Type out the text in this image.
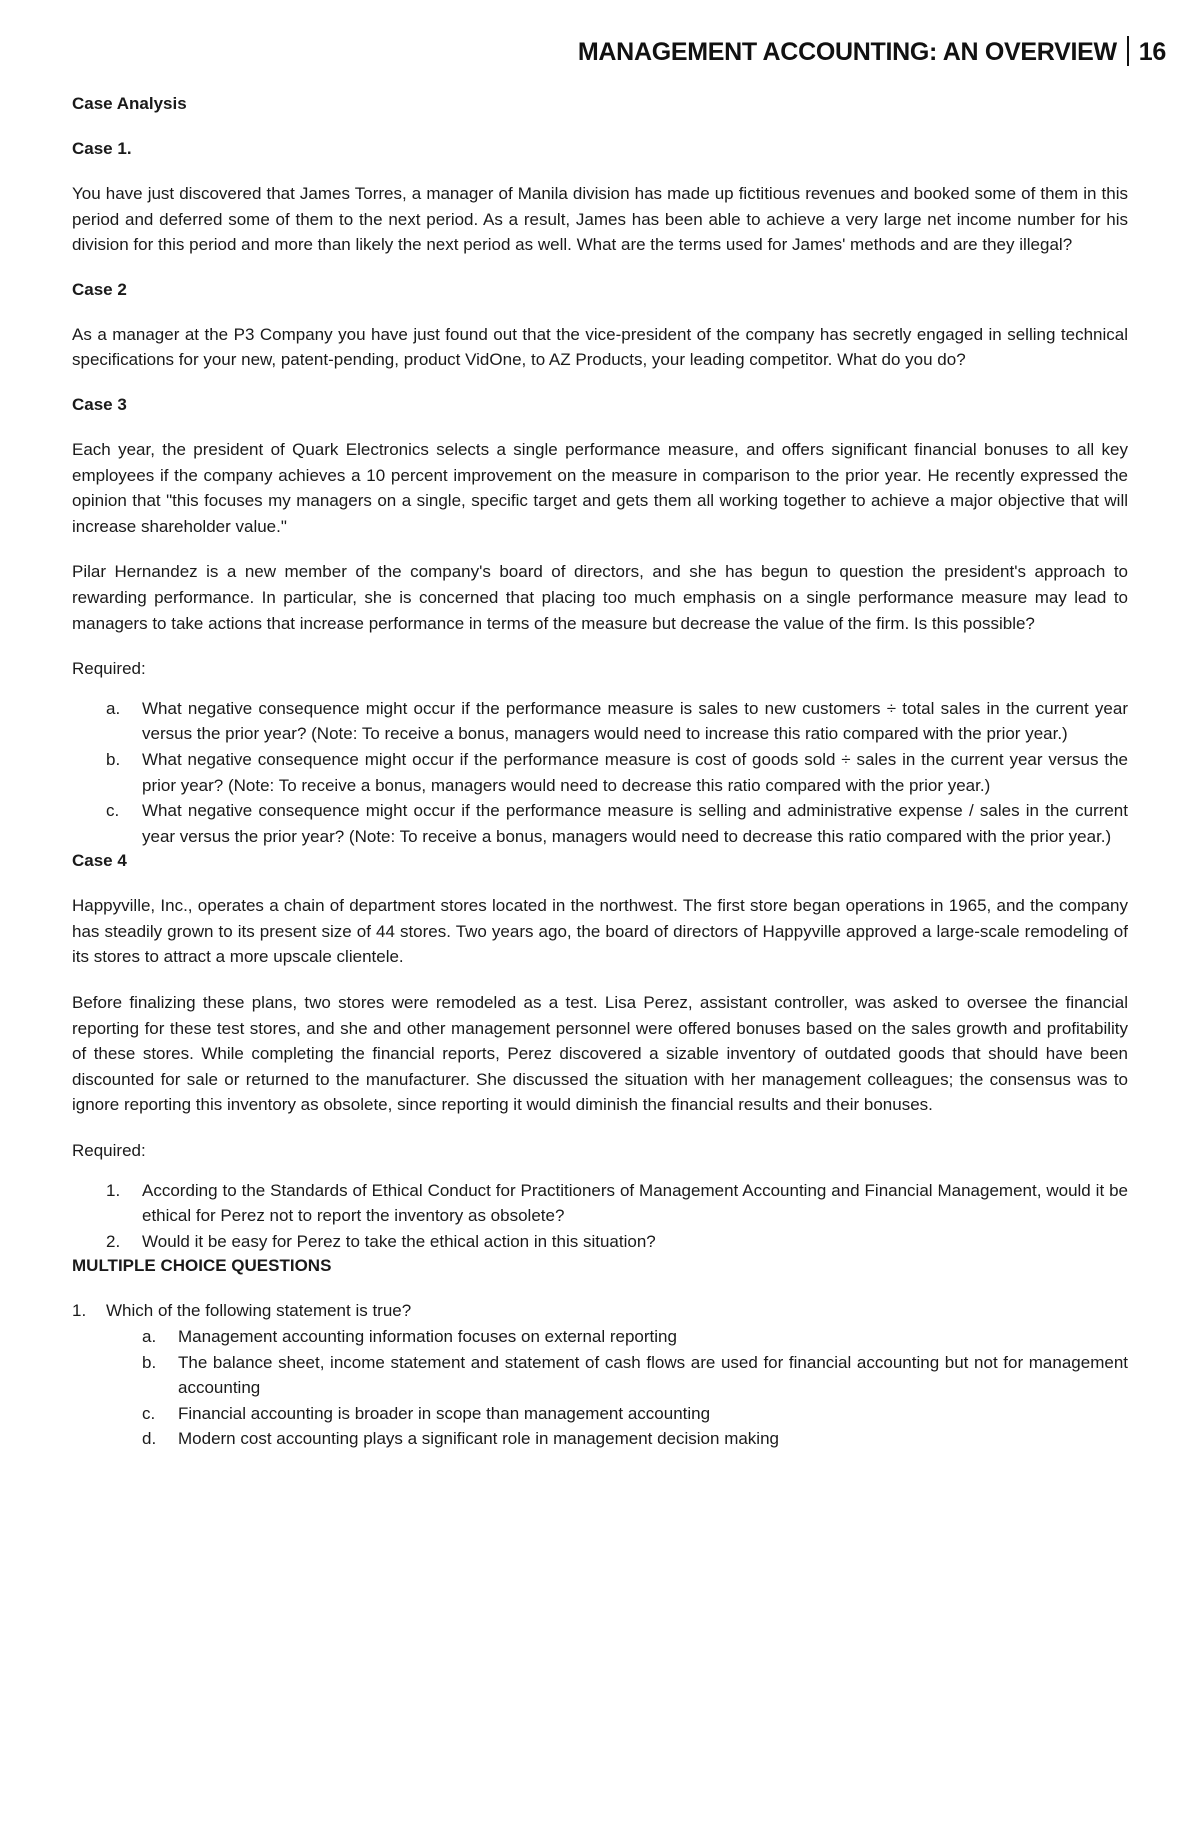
MANAGEMENT ACCOUNTING: AN OVERVIEW 16
Case Analysis
Case 1.

You have just discovered that James Torres, a manager of Manila division has made up fictitious revenues and booked some of them in this period and deferred some of them to the next period. As a result, James has been able to achieve a very large net income number for his division for this period and more than likely the next period as well. What are the terms used for James' methods and are they illegal?

Case 2

As a manager at the P3 Company you have just found out that the vice-president of the company has secretly engaged in selling technical specifications for your new, patent-pending, product VidOne, to AZ Products, your leading competitor. What do you do?

Case 3

Each year, the president of Quark Electronics selects a single performance measure, and offers significant financial bonuses to all key employees if the company achieves a 10 percent improvement on the measure in comparison to the prior year. He recently expressed the opinion that "this focuses my managers on a single, specific target and gets them all working together to achieve a major objective that will increase shareholder value."

Pilar Hernandez is a new member of the company's board of directors, and she has begun to question the president's approach to rewarding performance. In particular, she is concerned that placing too much emphasis on a single performance measure may lead to managers to take actions that increase performance in terms of the measure but decrease the value of the firm. Is this possible?

Required:

a. What negative consequence might occur if the performance measure is sales to new customers ÷ total sales in the current year versus the prior year? (Note: To receive a bonus, managers would need to increase this ratio compared with the prior year.)
b. What negative consequence might occur if the performance measure is cost of goods sold ÷ sales in the current year versus the prior year? (Note: To receive a bonus, managers would need to decrease this ratio compared with the prior year.)
c. What negative consequence might occur if the performance measure is selling and administrative expense / sales in the current year versus the prior year? (Note: To receive a bonus, managers would need to decrease this ratio compared with the prior year.)
Case 4

Happyville, Inc., operates a chain of department stores located in the northwest. The first store began operations in 1965, and the company has steadily grown to its present size of 44 stores. Two years ago, the board of directors of Happyville approved a large-scale remodeling of its stores to attract a more upscale clientele.

Before finalizing these plans, two stores were remodeled as a test. Lisa Perez, assistant controller, was asked to oversee the financial reporting for these test stores, and she and other management personnel were offered bonuses based on the sales growth and profitability of these stores. While completing the financial reports, Perez discovered a sizable inventory of outdated goods that should have been discounted for sale or returned to the manufacturer. She discussed the situation with her management colleagues; the consensus was to ignore reporting this inventory as obsolete, since reporting it would diminish the financial results and their bonuses.

Required:

1. According to the Standards of Ethical Conduct for Practitioners of Management Accounting and Financial Management, would it be ethical for Perez not to report the inventory as obsolete?
2. Would it be easy for Perez to take the ethical action in this situation?
MULTIPLE CHOICE QUESTIONS
1. Which of the following statement is true?
a. Management accounting information focuses on external reporting
b. The balance sheet, income statement and statement of cash flows are used for financial accounting but not for management accounting
c. Financial accounting is broader in scope than management accounting
d. Modern cost accounting plays a significant role in management decision making
